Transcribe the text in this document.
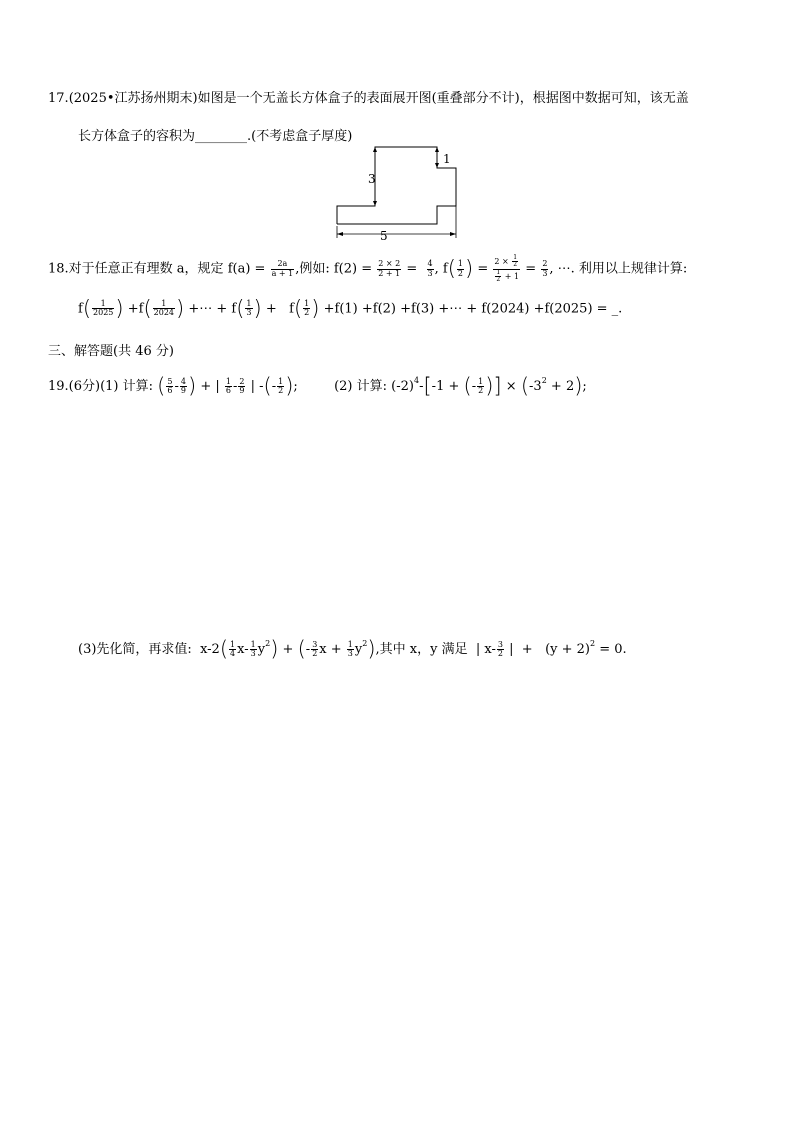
17.(2025•江苏扬州期末)如图是一个无盖长方体盒子的表面展开图(重叠部分不计)，根据图中数据可知，该无盖
长方体盒子的容积为________.(不考虑盒子厚度)
3
1
5
18.对于任意正有理数 a，规定 $f(a) = \frac{2a}{a + 1}$ ,例如: $f(2) = \frac{2 \times 2}{2 + 1} = \frac{4}{3}$ , $f( \frac{1}{2}$ ) = $\frac{2 \times \frac{1}{2}}{\frac{1}{2} + 1} = \frac{2}{3}$ , ⋯. 利用以上规律计算:
$f( \frac{1}{2025}$ ) $+f( \frac{1}{2024}$ ) +⋯ + $f( \frac{1}{3}$ ) +   $f( \frac{1}{2}$ ) +f(1) +f(2) +f(3) +⋯ + f(2024) +f(2025) = _.
三、解答题(共 46 分)
19.(6分)(1) 计算: ( $\frac{5}{6} - \frac{4}{9}$ ) + | $\frac{1}{6} - \frac{2}{9}$ | -(- $\frac{1}{2}$ );	(2) 计算: $(-2)^4-[-1$ + (- $\frac{1}{2}$ )] × $(-3^2 + 2)$;
(3)先化简，再求值: $x-2( \frac{1}{4} x- \frac{1}{3} y^2)$ + (- $\frac{3}{2}$ $x + \frac{1}{3} y^2$),其中 x，y 满足  | $x- \frac{3}{2}$ |  + $(y + 2)^2 = 0$.
